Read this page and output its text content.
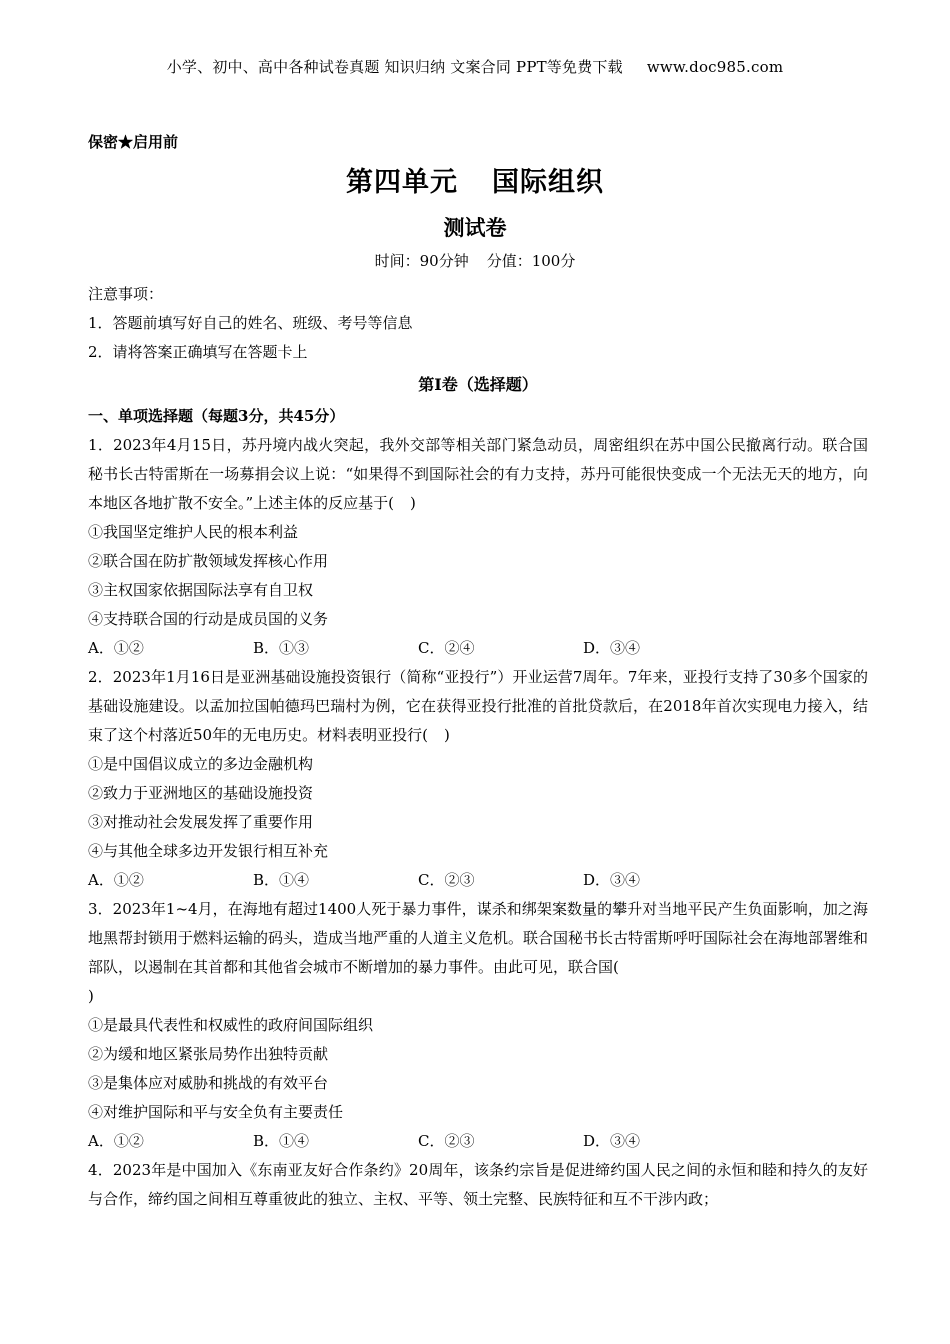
小学、初中、高中各种试卷真题 知识归纳 文案合同 PPT等免费下载 www.doc985.com
保密★启用前
第四单元 国际组织
测试卷
时间：90分钟 分值：100分
注意事项：
1．答题前填写好自己的姓名、班级、考号等信息
2．请将答案正确填写在答题卡上
第I卷（选择题）
一、单项选择题（每题3分，共45分）
1．2023年4月15日，苏丹境内战火突起，我外交部等相关部门紧急动员，周密组织在苏中国公民撤离行动。联合国秘书长古特雷斯在一场募捐会议上说：“如果得不到国际社会的有力支持，苏丹可能很快变成一个无法无天的地方，向本地区各地扩散不安全。”上述主体的反应基于( )
①我国坚定维护人民的根本利益
②联合国在防扩散领域发挥核心作用
③主权国家依据国际法享有自卫权
④支持联合国的行动是成员国的义务
A．①②	B．①③	C．②④	D．③④
2．2023年1月16日是亚洲基础设施投资银行（简称“亚投行”）开业运营7周年。7年来，亚投行支持了30多个国家的基础设施建设。以孟加拉国帕德玛巴瑞村为例，它在获得亚投行批准的首批贷款后，在2018年首次实现电力接入，结束了这个村落近50年的无电历史。材料表明亚投行( )
①是中国倡议成立的多边金融机构
②致力于亚洲地区的基础设施投资
③对推动社会发展发挥了重要作用
④与其他全球多边开发银行相互补充
A．①②	B．①④	C．②③	D．③④
3．2023年1~4月，在海地有超过1400人死于暴力事件，谋杀和绑架案数量的攀升对当地平民产生负面影响，加之海地黑帮封锁用于燃料运输的码头，造成当地严重的人道主义危机。联合国秘书长古特雷斯呼吁国际社会在海地部署维和部队，以遏制在其首都和其他省会城市不断增加的暴力事件。由此可见，联合国(
)
①是最具代表性和权威性的政府间国际组织
②为缓和地区紧张局势作出独特贡献
③是集体应对威胁和挑战的有效平台
④对维护国际和平与安全负有主要责任
A．①②	B．①④	C．②③	D．③④
4．2023年是中国加入《东南亚友好合作条约》20周年，该条约宗旨是促进缔约国人民之间的永恒和睦和持久的友好与合作，缔约国之间相互尊重彼此的独立、主权、平等、领土完整、民族特征和互不干涉内政；
